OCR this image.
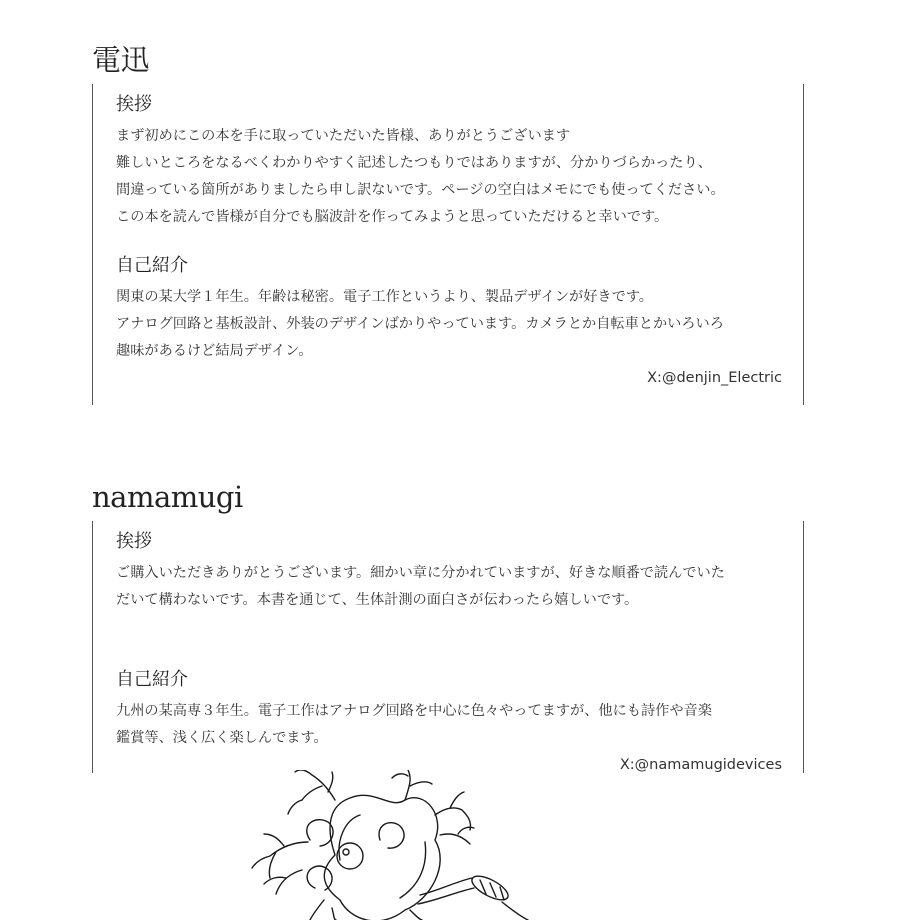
電迅
挨拶

まず初めにこの本を手に取っていただいた皆様、ありがとうございます

難しいところをなるべくわかりやすく記述したつもりではありますが、分かりづらかったり、

間違っている箇所がありましたら申し訳ないです。ページの空白はメモにでも使ってください。

この本を読んで皆様が自分でも脳波計を作ってみようと思っていただけると幸いです。

自己紹介

関東の某大学１年生。年齢は秘密。電子工作というより、製品デザインが好きです。

アナログ回路と基板設計、外装のデザインばかりやっています。カメラとか自転車とかいろいろ

趣味があるけど結局デザイン。

X:@denjin_Electric
namamugi
挨拶

ご購入いただきありがとうございます。細かい章に分かれていますが、好きな順番で読んでいた

だいて構わないです。本書を通じて、生体計測の面白さが伝わったら嬉しいです。

自己紹介

九州の某高専３年生。電子工作はアナログ回路を中心に色々やってますが、他にも詩作や音楽

鑑賞等、浅く広く楽しんでます。

X:@namamugidevices
